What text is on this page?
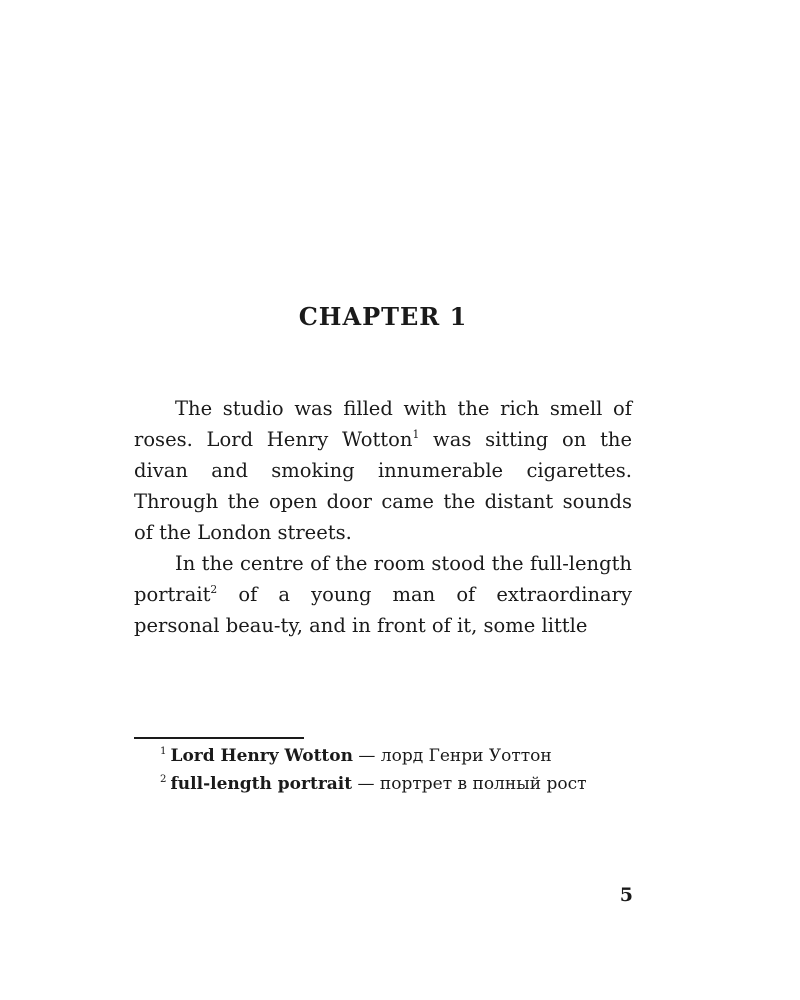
CHAPTER 1

The studio was filled with the rich smell of roses. Lord Henry Wotton$^1$ was sitting on the divan and smoking innumerable cigarettes. Through the open door came the distant sounds of the London streets.

In the centre of the room stood the full-length portrait$^2$ of a young man of extraordinary personal beau-ty, and in front of it, some little

$^1$ Lord Henry Wotton — лорд Генри Уоттон

$^2$ full-length portrait — портрет в полный рост

5
